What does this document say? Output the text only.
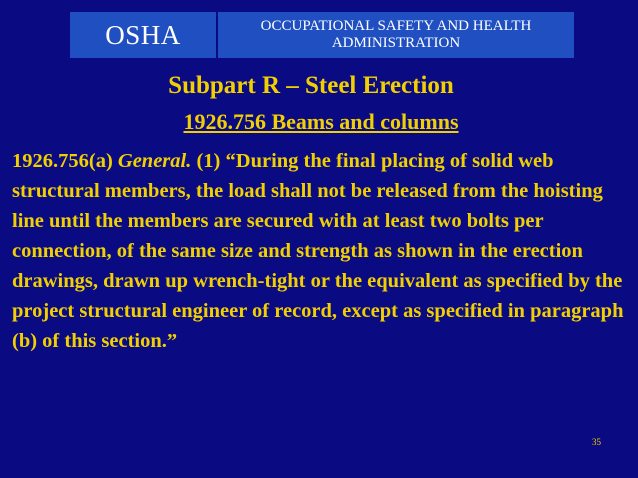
OSHA	OCCUPATIONAL SAFETY AND HEALTH
ADMINISTRATION
Subpart R – Steel Erection
1926.756 Beams and columns

1926.756(a) General. (1) “During the final placing of solid web structural members, the load shall not be released from the hoisting line until the members are secured with at least two bolts per connection, of the same size and strength as shown in the erection drawings, drawn up wrench-tight or the equivalent as specified by the project structural engineer of record, except as specified in paragraph (b) of this section.”

35
